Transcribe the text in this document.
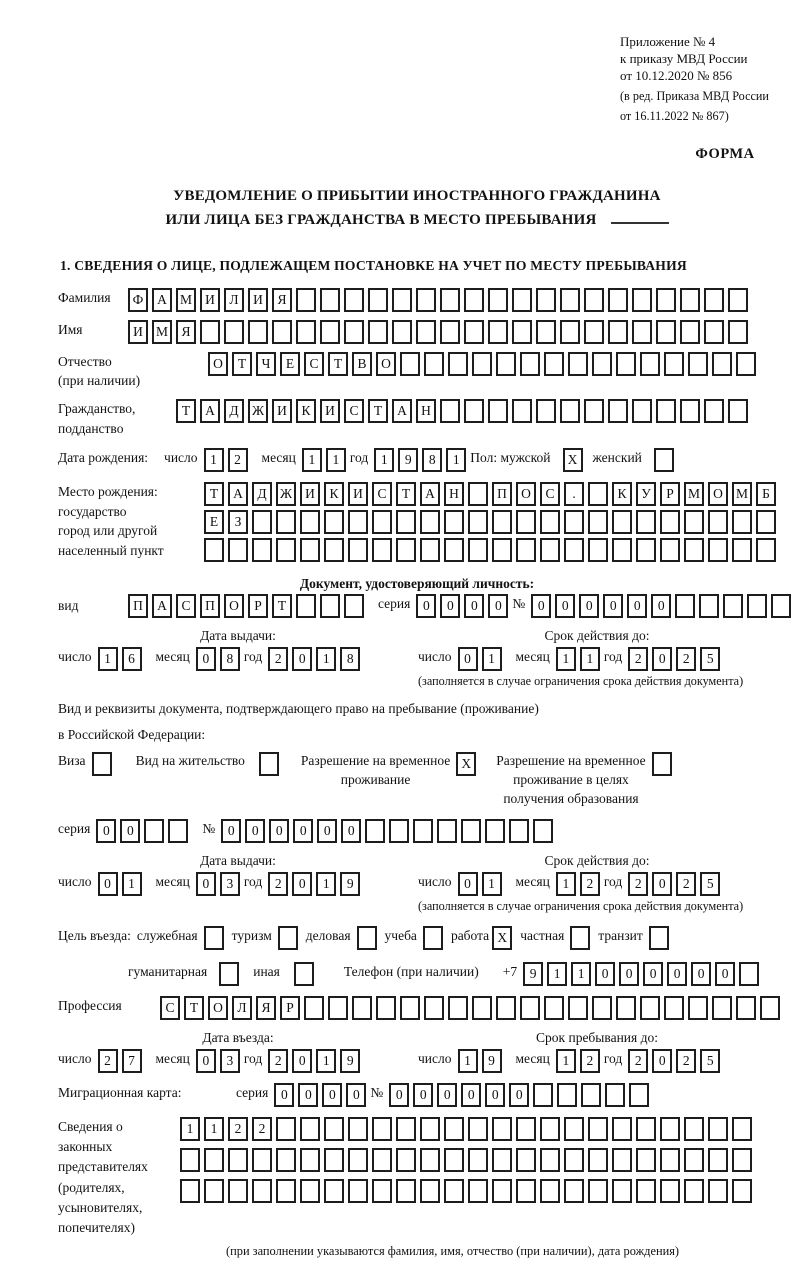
Приложение № 4
к приказу МВД России
от 10.12.2020 № 856
(в ред. Приказа МВД России
от 16.11.2022 № 867)
ФОРМА
УВЕДОМЛЕНИЕ О ПРИБЫТИИ ИНОСТРАННОГО ГРАЖДАНИНА
ИЛИ ЛИЦА БЕЗ ГРАЖДАНСТВА В МЕСТО ПРЕБЫВАНИЯ
1. СВЕДЕНИЯ О ЛИЦЕ, ПОДЛЕЖАЩЕМ ПОСТАНОВКЕ НА УЧЕТ ПО МЕСТУ ПРЕБЫВАНИЯ
Фамилия	Ф	А М И	Л	И	Я
Имя	И М Я
Отчество
(при наличии)
О	Т	Ч	Е	С	Т	В	О
Гражданство,
подданство
Т	А	Д Ж И	К	И	С	Т	А	Н
Дата рождения: число 1	2	месяц 1	1 год 1	9	8	1 Пол: мужской	X	женский
Место рождения:
государство
город или другой
населенный пункт
Т	А	Д Ж И	К	И	С	Т	А	Н	П	О	С	.	К	У	Р	М О М	Б
Е	З
Документ, удостоверяющий личность:
вид	П	А	С	П	О	Р	Т	серия 0	0	0	0 № 0	0	0	0	0	0
Дата выдачи:
число 1	6	месяц 0	8 год 2	0	1	8
Срок действия до:
число 0	1	месяц 1	1 год 2	0	2	5
(заполняется в случае ограничения срока действия документа)
Вид и реквизиты документа, подтверждающего право на пребывание (проживание)
в Российской Федерации:
Виза	Вид на жительство	Разрешение на временное
проживание
X	Разрешение на временное
проживание в целях
получения образования
серия 0	0	№ 0	0	0	0	0	0
Дата выдачи:
число 0	1	месяц 0	3 год 2	0	1	9
Срок действия до:
число 0	1	месяц 1	2 год 2	0	2	5
(заполняется в случае ограничения срока действия документа)
Цель въезда: служебная	туризм	деловая	учеба	работа X частная	транзит
гуманитарная	иная	Телефон (при наличии) +7 9	1	1	0	0	0	0	0	0
Профессия	С	Т	О	Л	Я	Р
Дата въезда:
число 2	7	месяц 0	3 год 2	0	1	9
Срок пребывания до:
число 1	9	месяц 1	2 год 2	0	2	5
Миграционная карта:	серия 0	0	0	0 № 0	0	0	0	0	0
Сведения о
законных
представителях
(родителях,
усыновителях,
попечителях)
1	1	2	2
(при заполнении указываются фамилия, имя, отчество (при наличии), дата рождения)
